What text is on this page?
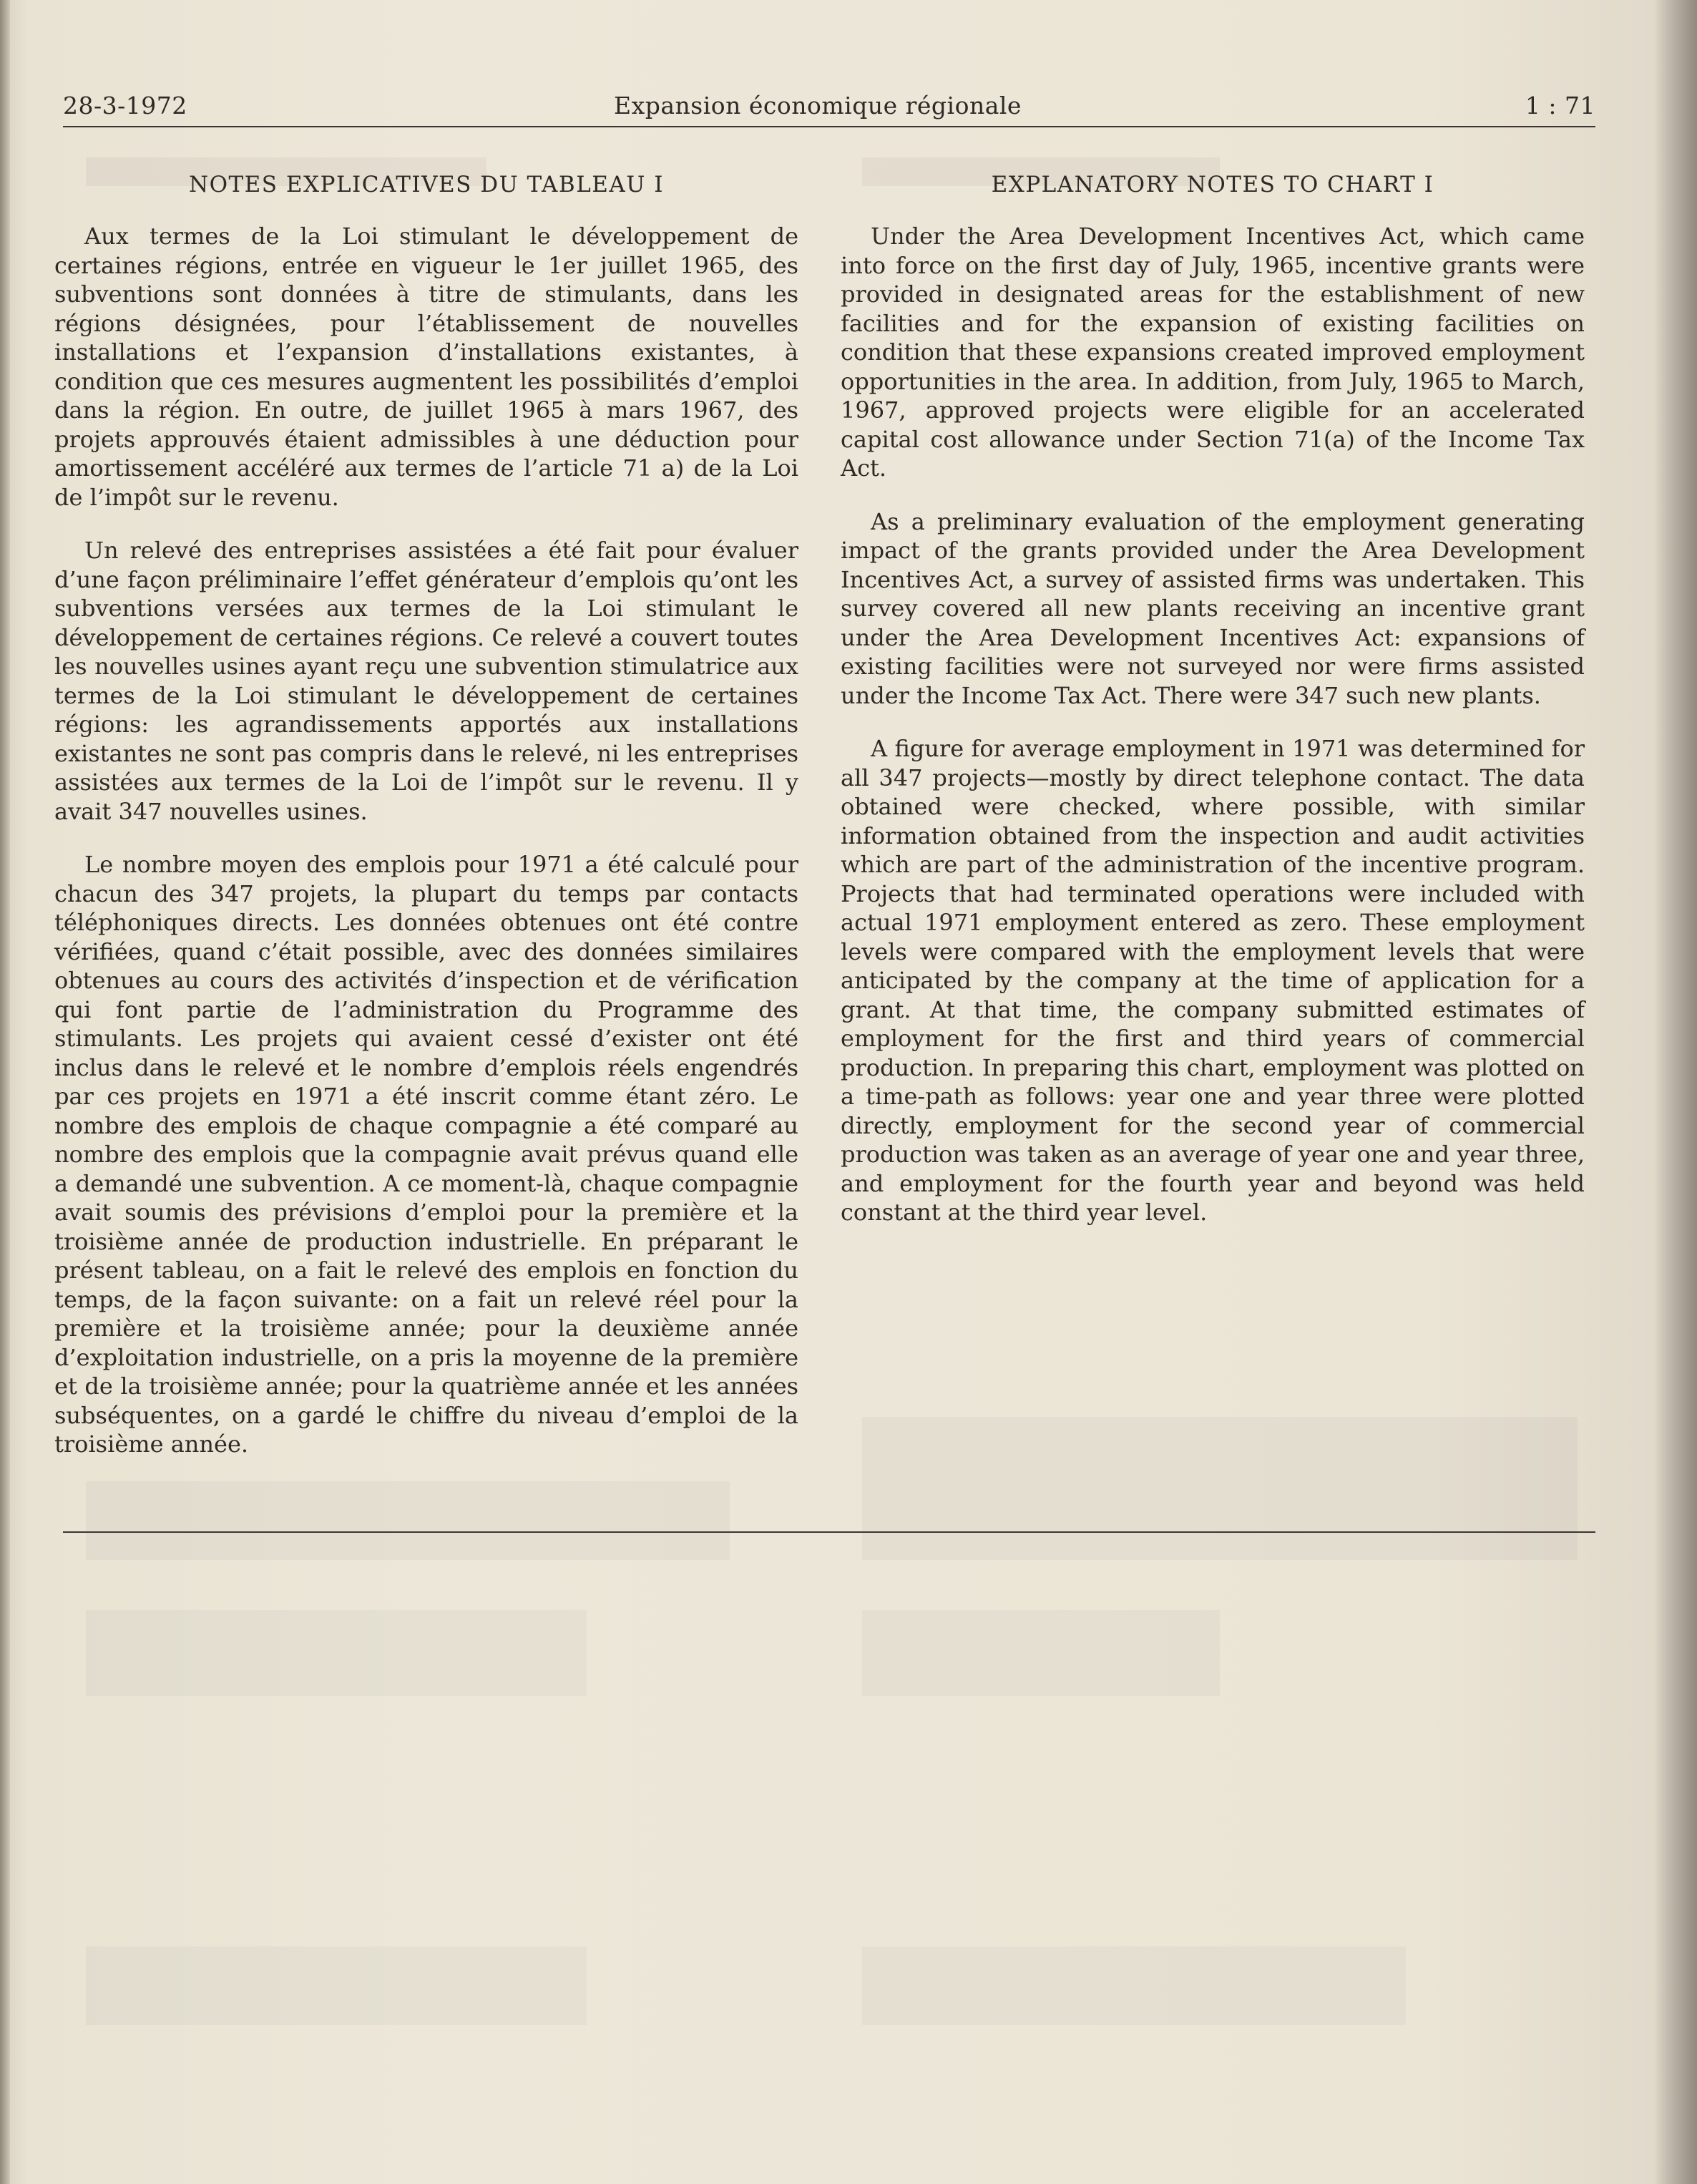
28-3-1972	Expansion économique régionale	1 : 71
NOTES EXPLICATIVES DU TABLEAU I

Aux termes de la Loi stimulant le développement de certaines régions, entrée en vigueur le 1er juillet 1965, des subventions sont données à titre de stimulants, dans les régions désignées, pour l’établissement de nouvelles installations et l’expansion d’installations existantes, à condition que ces mesures augmentent les possibilités d’emploi dans la région. En outre, de juillet 1965 à mars 1967, des projets approuvés étaient admissibles à une déduction pour amortissement accéléré aux termes de l’article 71 a) de la Loi de l’impôt sur le revenu.

Un relevé des entreprises assistées a été fait pour évaluer d’une façon préliminaire l’effet générateur d’emplois qu’ont les subventions versées aux termes de la Loi stimulant le développement de certaines régions. Ce relevé a couvert toutes les nouvelles usines ayant reçu une subvention stimulatrice aux termes de la Loi stimulant le développement de certaines régions: les agrandissements apportés aux installations existantes ne sont pas compris dans le relevé, ni les entreprises assistées aux termes de la Loi de l’impôt sur le revenu. Il y avait 347 nouvelles usines.

Le nombre moyen des emplois pour 1971 a été calculé pour chacun des 347 projets, la plupart du temps par contacts téléphoniques directs. Les données obtenues ont été contre vérifiées, quand c’était possible, avec des données similaires obtenues au cours des activités d’inspection et de vérification qui font partie de l’administration du Programme des stimulants. Les projets qui avaient cessé d’exister ont été inclus dans le relevé et le nombre d’emplois réels engendrés par ces projets en 1971 a été inscrit comme étant zéro. Le nombre des emplois de chaque compagnie a été comparé au nombre des emplois que la compagnie avait prévus quand elle a demandé une subvention. A ce moment-là, chaque compagnie avait soumis des prévisions d’emploi pour la première et la troisième année de production industrielle. En préparant le présent tableau, on a fait le relevé des emplois en fonction du temps, de la façon suivante: on a fait un relevé réel pour la première et la troisième année; pour la deuxième année d’exploitation industrielle, on a pris la moyenne de la première et de la troisième année; pour la quatrième année et les années subséquentes, on a gardé le chiffre du niveau d’emploi de la troisième année.

EXPLANATORY NOTES TO CHART I

Under the Area Development Incentives Act, which came into force on the first day of July, 1965, incentive grants were provided in designated areas for the establishment of new facilities and for the expansion of existing facilities on condition that these expansions created improved employment opportunities in the area. In addition, from July, 1965 to March, 1967, approved projects were eligible for an accelerated capital cost allowance under Section 71(a) of the Income Tax Act.

As a preliminary evaluation of the employment generating impact of the grants provided under the Area Development Incentives Act, a survey of assisted firms was undertaken. This survey covered all new plants receiving an incentive grant under the Area Development Incentives Act: expansions of existing facilities were not surveyed nor were firms assisted under the Income Tax Act. There were 347 such new plants.

A figure for average employment in 1971 was determined for all 347 projects—mostly by direct telephone contact. The data obtained were checked, where possible, with similar information obtained from the inspection and audit activities which are part of the administration of the incentive program. Projects that had terminated operations were included with actual 1971 employment entered as zero. These employment levels were compared with the employment levels that were anticipated by the company at the time of application for a grant. At that time, the company submitted estimates of employment for the first and third years of commercial production. In preparing this chart, employment was plotted on a time-path as follows: year one and year three were plotted directly, employment for the second year of commercial production was taken as an average of year one and year three, and employment for the fourth year and beyond was held constant at the third year level.
